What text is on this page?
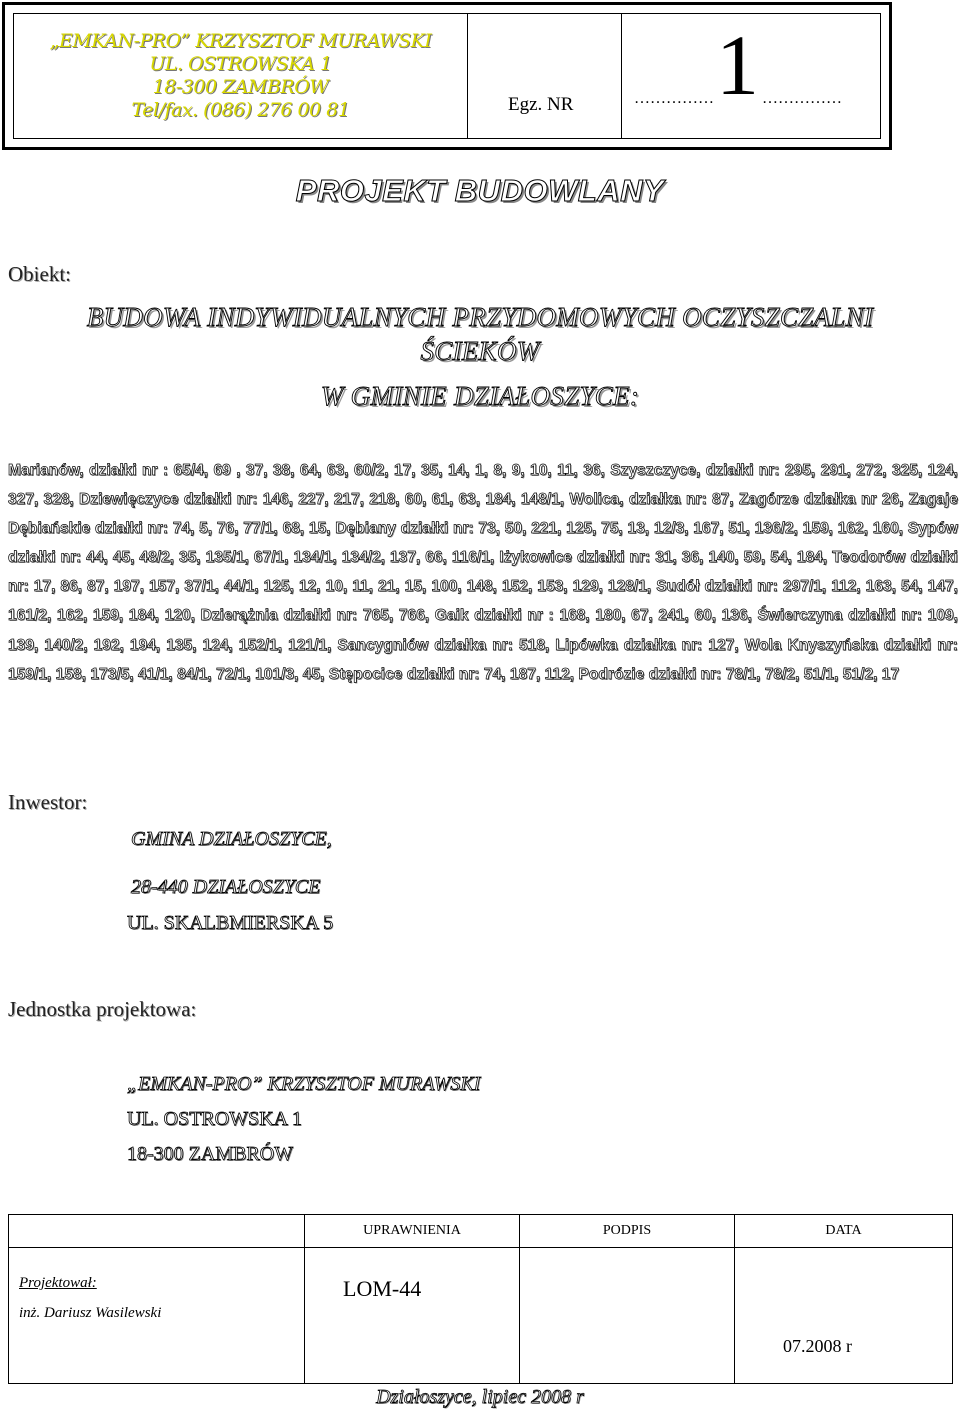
„EMKAN-PRO” KRZYSZTOF MURAWSKI
UL. OSTROWSKA 1
18-300 ZAMBRÓW
Tel/fax. (086) 276 00 81	Egz. NR	…………… 1 ……………
PROJEKT BUDOWLANY
Obiekt:
BUDOWA INDYWIDUALNYCH PRZYDOMOWYCH OCZYSZCZALNI
ŚCIEKÓW
W GMINIE DZIAŁOSZYCE:
Marianów, działki nr : 65/4, 69 , 37, 38, 64, 63, 60/2, 17, 35, 14, 1, 8, 9, 10, 11, 36, Szyszczyce, działki nr: 295, 291, 272, 325, 124, 327, 328, Dziewięczyce działki nr: 146, 227, 217, 218, 60, 61, 63, 184, 148/1, Wolica, działka nr: 87, Zagórze działka nr 26, Zagaje Dębiańskie działki nr: 74, 5, 76, 77/1, 68, 15, Dębiany działki nr: 73, 50, 221, 125, 75, 13, 12/3, 167, 51, 136/2, 159, 162, 160, Sypów działki nr: 44, 45, 48/2, 35, 135/1, 67/1, 134/1, 134/2, 137, 66, 116/1, Iżykowice działki nr: 31, 36, 140, 59, 54, 184, Teodorów działki nr: 17, 86, 87, 197, 157, 37/1, 44/1, 125, 12, 10, 11, 21, 15, 100, 148, 152, 153, 129, 128/1, Sudół działki nr: 297/1, 112, 163, 54, 147, 161/2, 162, 159, 184, 120, Dzierążnia działki nr: 765, 766, Gaik działki nr : 168, 180, 67, 241, 60, 136, Świerczyna działki nr: 109, 139, 140/2, 192, 194, 135, 124, 152/1, 121/1, Sancygniów działka nr: 518, Lipówka działka nr: 127, Wola Knyszyńska działki nr: 159/1, 158, 173/5, 41/1, 84/1, 72/1, 101/3, 45, Stępocice działki nr: 74, 187, 112, Podrózie działki nr: 78/1, 78/2, 51/1, 51/2, 17
Inwestor:
GMINA DZIAŁOSZYCE,
28-440 DZIAŁOSZYCE
UL. SKALBMIERSKA 5
Jednostka projektowa:
„EMKAN-PRO” KRZYSZTOF MURAWSKI
UL. OSTROWSKA 1
18-300 ZAMBRÓW
	UPRAWNIENIA	PODPIS	DATA

Projektował:
inż. Dariusz Wasilewski	LOM-44		07.2008 r
Działoszyce, lipiec 2008 r
